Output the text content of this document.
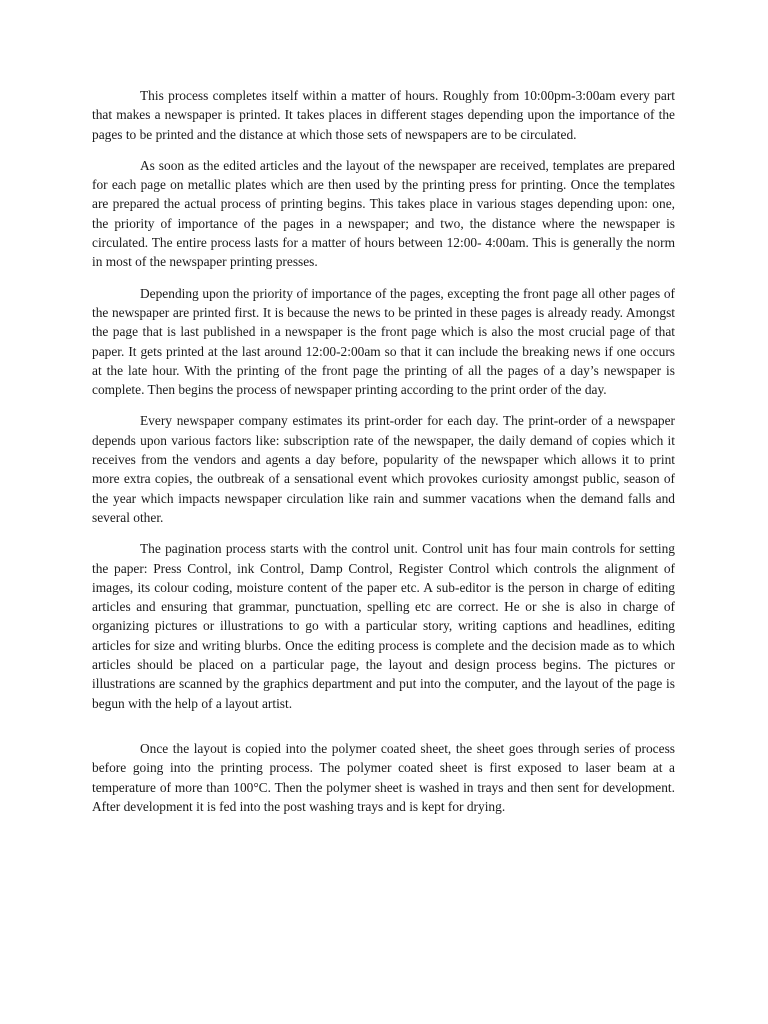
This process completes itself within a matter of hours. Roughly from 10:00pm-3:00am every part that makes a newspaper is printed. It takes places in different stages depending upon the importance of the pages to be printed and the distance at which those sets of newspapers are to be circulated.

As soon as the edited articles and the layout of the newspaper are received, templates are prepared for each page on metallic plates which are then used by the printing press for printing. Once the templates are prepared the actual process of printing begins. This takes place in various stages depending upon: one, the priority of importance of the pages in a newspaper; and two, the distance where the newspaper is circulated. The entire process lasts for a matter of hours between 12:00- 4:00am. This is generally the norm in most of the newspaper printing presses.

Depending upon the priority of importance of the pages, excepting the front page all other pages of the newspaper are printed first. It is because the news to be printed in these pages is already ready. Amongst the page that is last published in a newspaper is the front page which is also the most crucial page of that paper. It gets printed at the last around 12:00-2:00am so that it can include the breaking news if one occurs at the late hour. With the printing of the front page the printing of all the pages of a day’s newspaper is complete. Then begins the process of newspaper printing according to the print order of the day.

Every newspaper company estimates its print-order for each day. The print-order of a newspaper depends upon various factors like: subscription rate of the newspaper, the daily demand of copies which it receives from the vendors and agents a day before, popularity of the newspaper which allows it to print more extra copies, the outbreak of a sensational event which provokes curiosity amongst public, season of the year which impacts newspaper circulation like rain and summer vacations when the demand falls and several other.

The pagination process starts with the control unit. Control unit has four main controls for setting the paper: Press Control, ink Control, Damp Control, Register Control which controls the alignment of images, its colour coding, moisture content of the paper etc. A sub-editor is the person in charge of editing articles and ensuring that grammar, punctuation, spelling etc are correct. He or she is also in charge of organizing pictures or illustrations to go with a particular story, writing captions and headlines, editing articles for size and writing blurbs. Once the editing process is complete and the decision made as to which articles should be placed on a particular page, the layout and design process begins. The pictures or illustrations are scanned by the graphics department and put into the computer, and the layout of the page is begun with the help of a layout artist.

Once the layout is copied into the polymer coated sheet, the sheet goes through series of process before going into the printing process. The polymer coated sheet is first exposed to laser beam at a temperature of more than 100°C. Then the polymer sheet is washed in trays and then sent for development. After development it is fed into the post washing trays and is kept for drying.
